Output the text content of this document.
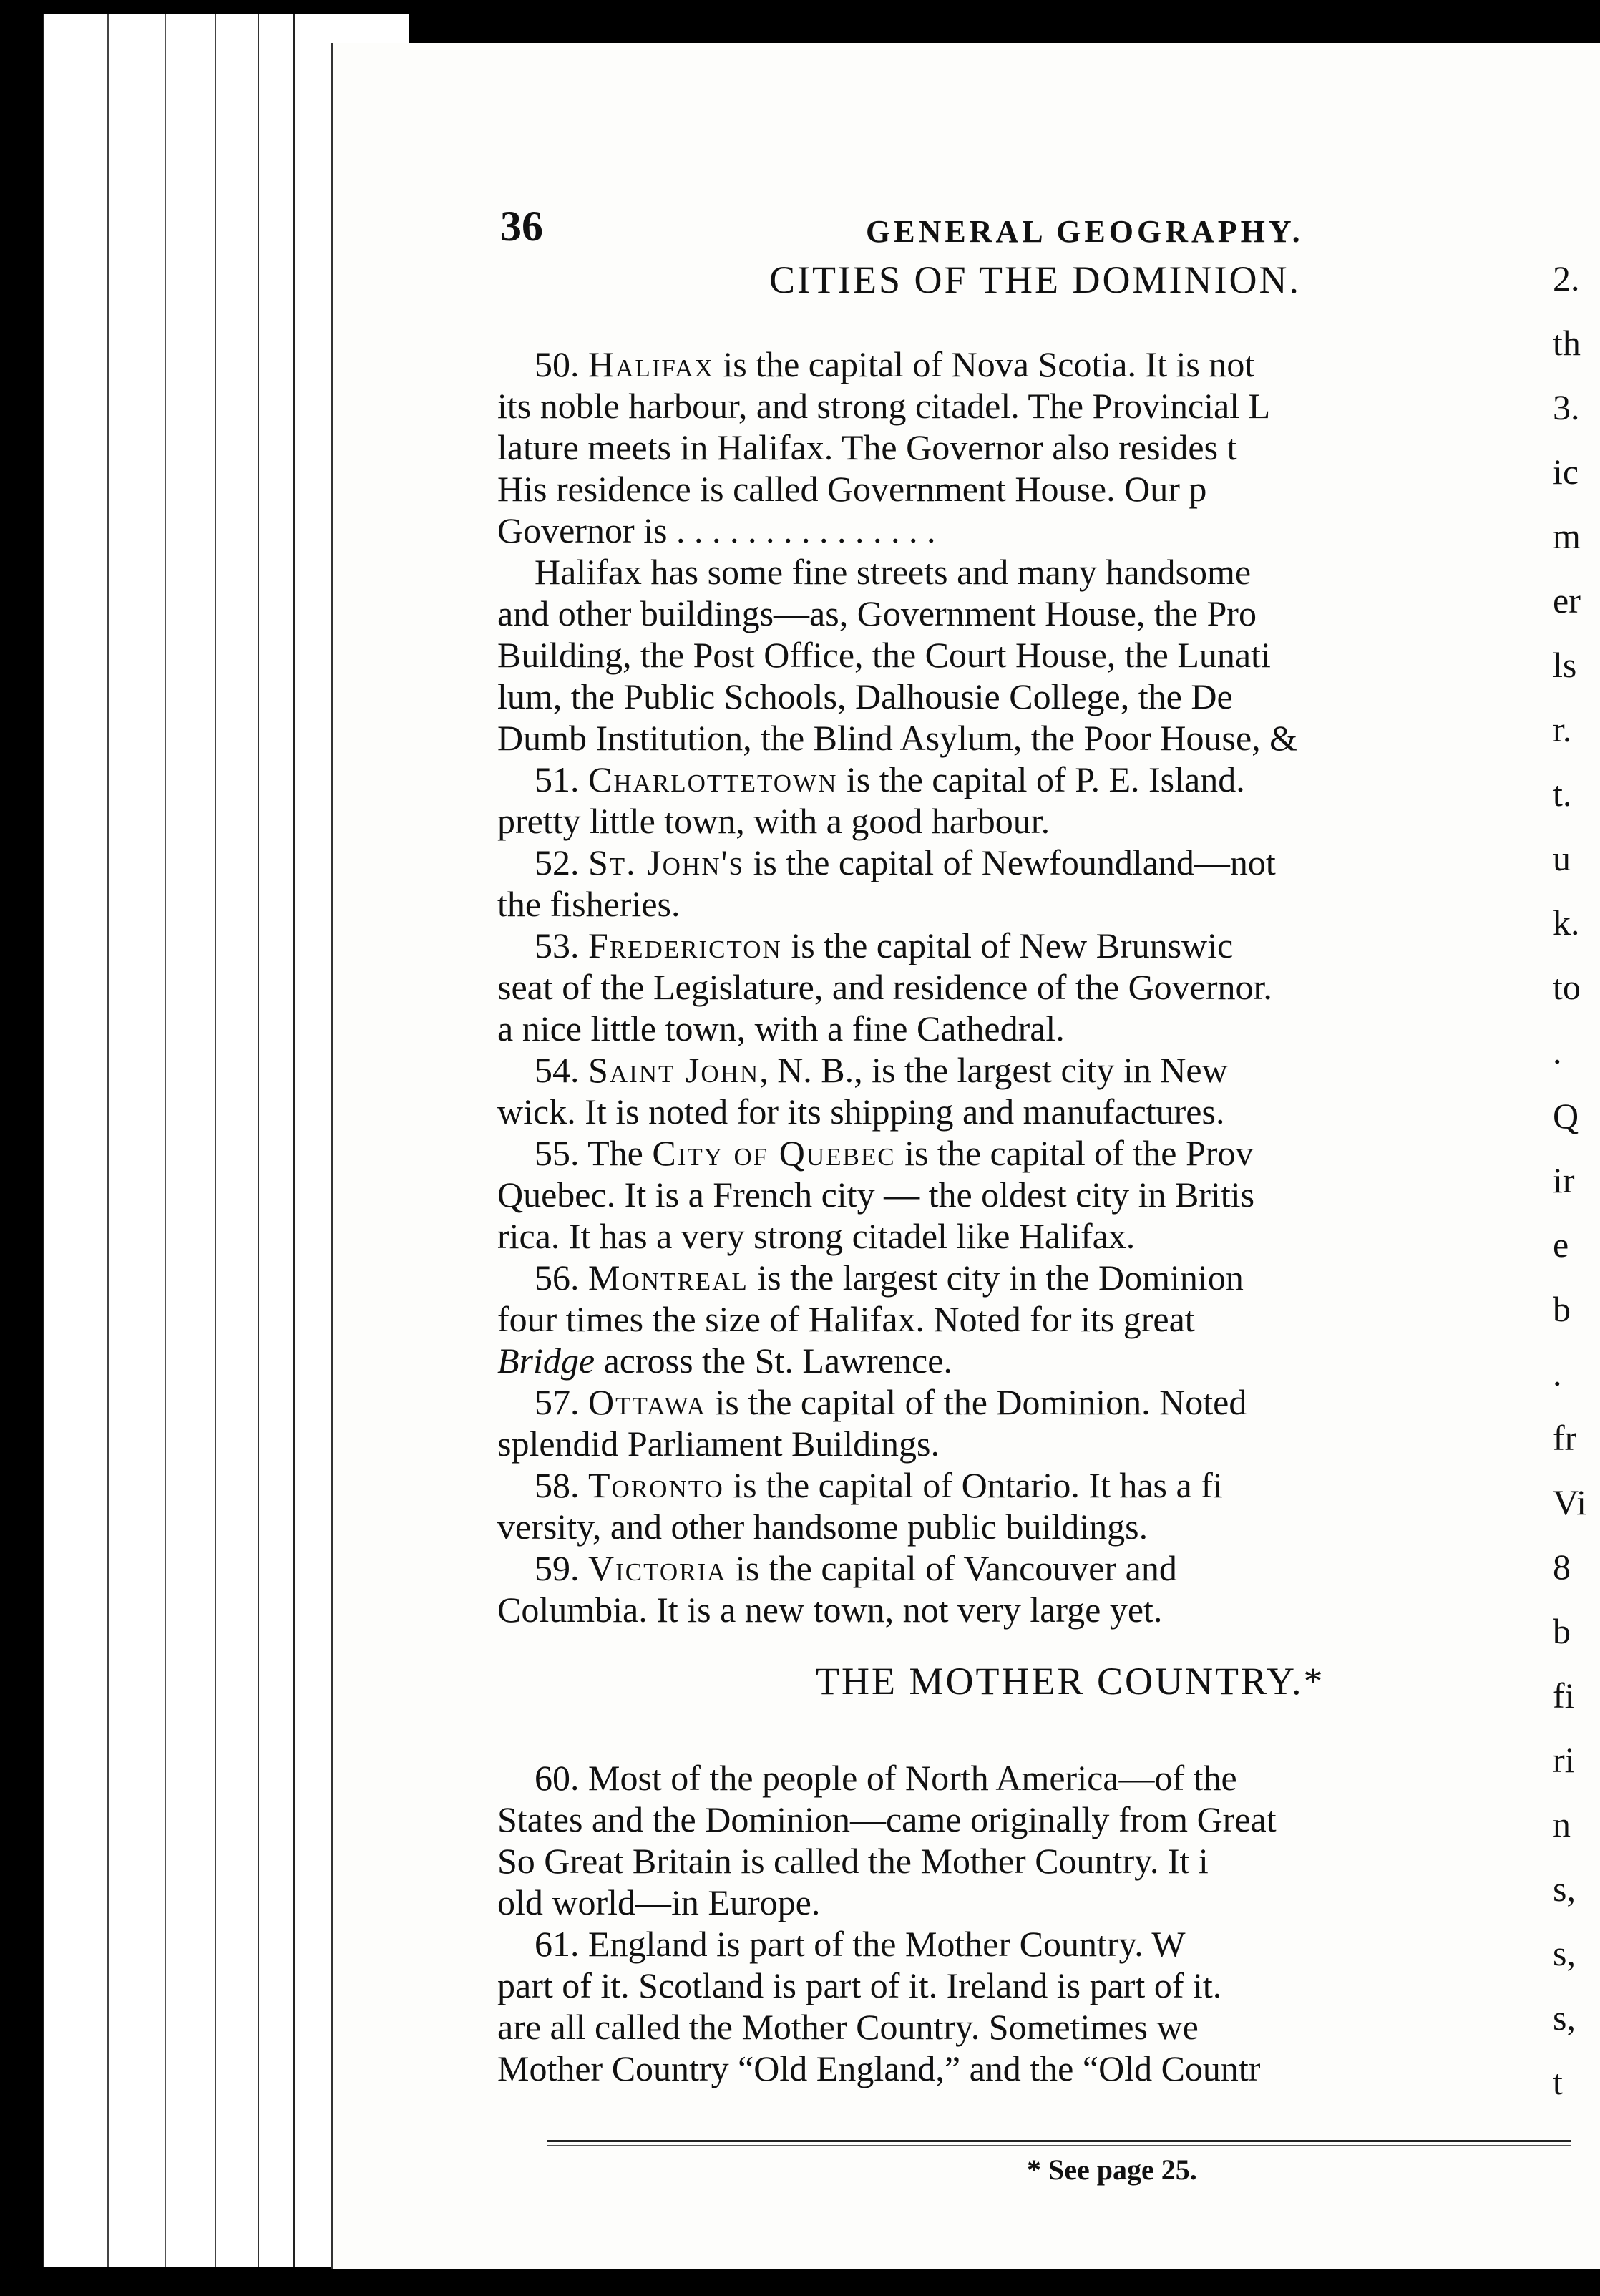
36	GENERAL GEOGRAPHY.
CITIES OF THE DOMINION.
50. Halifax is the capital of Nova Scotia. It is not
its noble harbour, and strong citadel. The Provincial L
lature meets in Halifax. The Governor also resides t
His residence is called Government House. Our p
Governor is . . . . . . . . . . . . . . .
Halifax has some fine streets and many handsome
and other buildings—as, Government House, the Pro
Building, the Post Office, the Court House, the Lunati
lum, the Public Schools, Dalhousie College, the De
Dumb Institution, the Blind Asylum, the Poor House, &
51. Charlottetown is the capital of P. E. Island.
pretty little town, with a good harbour.
52. St. John's is the capital of Newfoundland—not
the fisheries.
53. Fredericton is the capital of New Brunswic
seat of the Legislature, and residence of the Governor.
a nice little town, with a fine Cathedral.
54. Saint John, N. B., is the largest city in New
wick. It is noted for its shipping and manufactures.
55. The City of Quebec is the capital of the Prov
Quebec. It is a French city — the oldest city in Britis
rica. It has a very strong citadel like Halifax.
56. Montreal is the largest city in the Dominion
four times the size of Halifax. Noted for its great
Bridge across the St. Lawrence.
57. Ottawa is the capital of the Dominion. Noted
splendid Parliament Buildings.
58. Toronto is the capital of Ontario. It has a fi
versity, and other handsome public buildings.
59. Victoria is the capital of Vancouver and
Columbia. It is a new town, not very large yet.
THE MOTHER COUNTRY.*
60. Most of the people of North America—of the
States and the Dominion—came originally from Great
So Great Britain is called the Mother Country. It i
old world—in Europe.
61. England is part of the Mother Country. W
part of it. Scotland is part of it. Ireland is part of it.
are all called the Mother Country. Sometimes we
Mother Country “Old England,” and the “Old Countr
* See page 25.
2.
th
3.
ic
m
er
ls
r.
t.
u
k.
to
.
Q
ir
e
b
.
fr
Vi
8
b
fi
ri
n
s,
s,
s,
t
